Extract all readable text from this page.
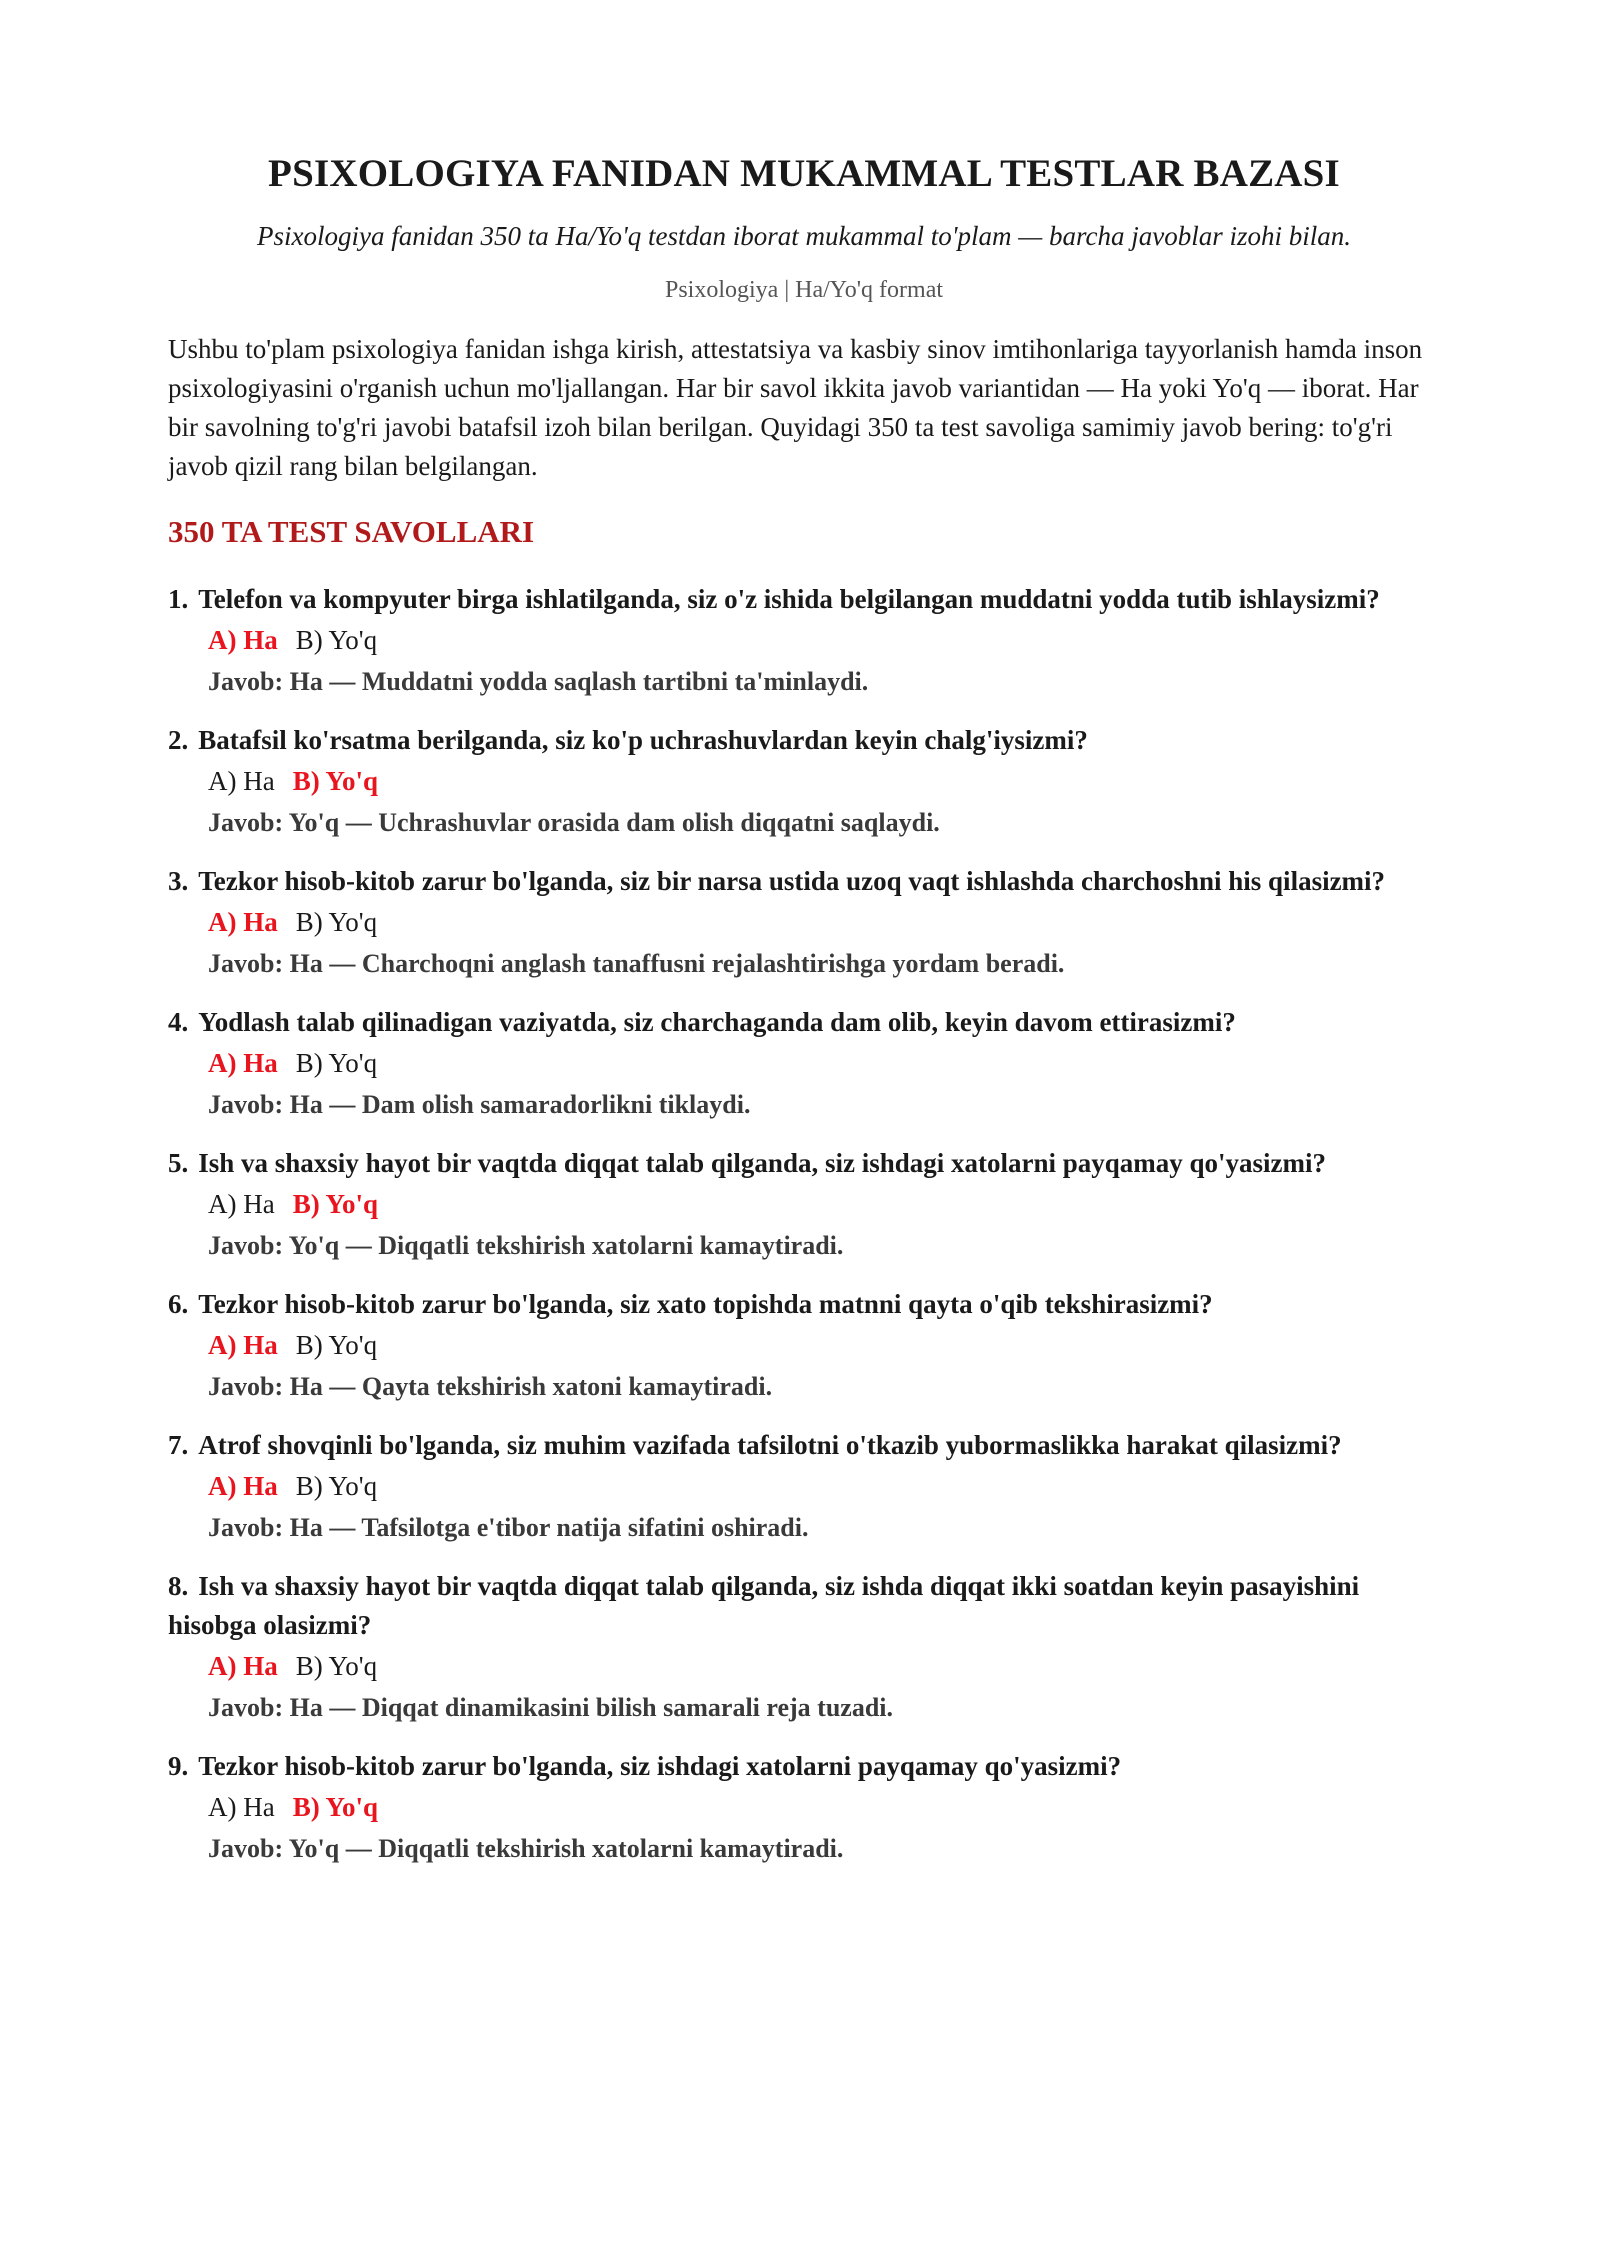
PSIXOLOGIYA FANIDAN MUKAMMAL TESTLAR BAZASI

Psixologiya fanidan 350 ta Ha/Yo'q testdan iborat mukammal to'plam — barcha javoblar izohi bilan.

Psixologiya | Ha/Yo'q format

Ushbu to'plam psixologiya fanidan ishga kirish, attestatsiya va kasbiy sinov imtihonlariga tayyorlanish hamda inson psixologiyasini o'rganish uchun mo'ljallangan. Har bir savol ikkita javob variantidan — Ha yoki Yo'q — iborat. Har bir savolning to'g'ri javobi batafsil izoh bilan berilgan. Quyidagi 350 ta test savoliga samimiy javob bering: to'g'ri javob qizil rang bilan belgilangan.

350 TA TEST SAVOLLARI
1. Telefon va kompyuter birga ishlatilganda, siz o'z ishida belgilangan muddatni yodda tutib ishlaysizmi?
A) Ha B) Yo'q
Javob: Ha — Muddatni yodda saqlash tartibni ta'minlaydi.
2. Batafsil ko'rsatma berilganda, siz ko'p uchrashuvlardan keyin chalg'iysizmi?
A) Ha B) Yo'q
Javob: Yo'q — Uchrashuvlar orasida dam olish diqqatni saqlaydi.
3. Tezkor hisob-kitob zarur bo'lganda, siz bir narsa ustida uzoq vaqt ishlashda charchoshni his qilasizmi?
A) Ha B) Yo'q
Javob: Ha — Charchoqni anglash tanaffusni rejalashtirishga yordam beradi.
4. Yodlash talab qilinadigan vaziyatda, siz charchaganda dam olib, keyin davom ettirasizmi?
A) Ha B) Yo'q
Javob: Ha — Dam olish samaradorlikni tiklaydi.
5. Ish va shaxsiy hayot bir vaqtda diqqat talab qilganda, siz ishdagi xatolarni payqamay qo'yasizmi?
A) Ha B) Yo'q
Javob: Yo'q — Diqqatli tekshirish xatolarni kamaytiradi.
6. Tezkor hisob-kitob zarur bo'lganda, siz xato topishda matnni qayta o'qib tekshirasizmi?
A) Ha B) Yo'q
Javob: Ha — Qayta tekshirish xatoni kamaytiradi.
7. Atrof shovqinli bo'lganda, siz muhim vazifada tafsilotni o'tkazib yubormaslikka harakat qilasizmi?
A) Ha B) Yo'q
Javob: Ha — Tafsilotga e'tibor natija sifatini oshiradi.
8. Ish va shaxsiy hayot bir vaqtda diqqat talab qilganda, siz ishda diqqat ikki soatdan keyin pasayishini hisobga olasizmi?
A) Ha B) Yo'q
Javob: Ha — Diqqat dinamikasini bilish samarali reja tuzadi.
9. Tezkor hisob-kitob zarur bo'lganda, siz ishdagi xatolarni payqamay qo'yasizmi?
A) Ha B) Yo'q
Javob: Yo'q — Diqqatli tekshirish xatolarni kamaytiradi.
